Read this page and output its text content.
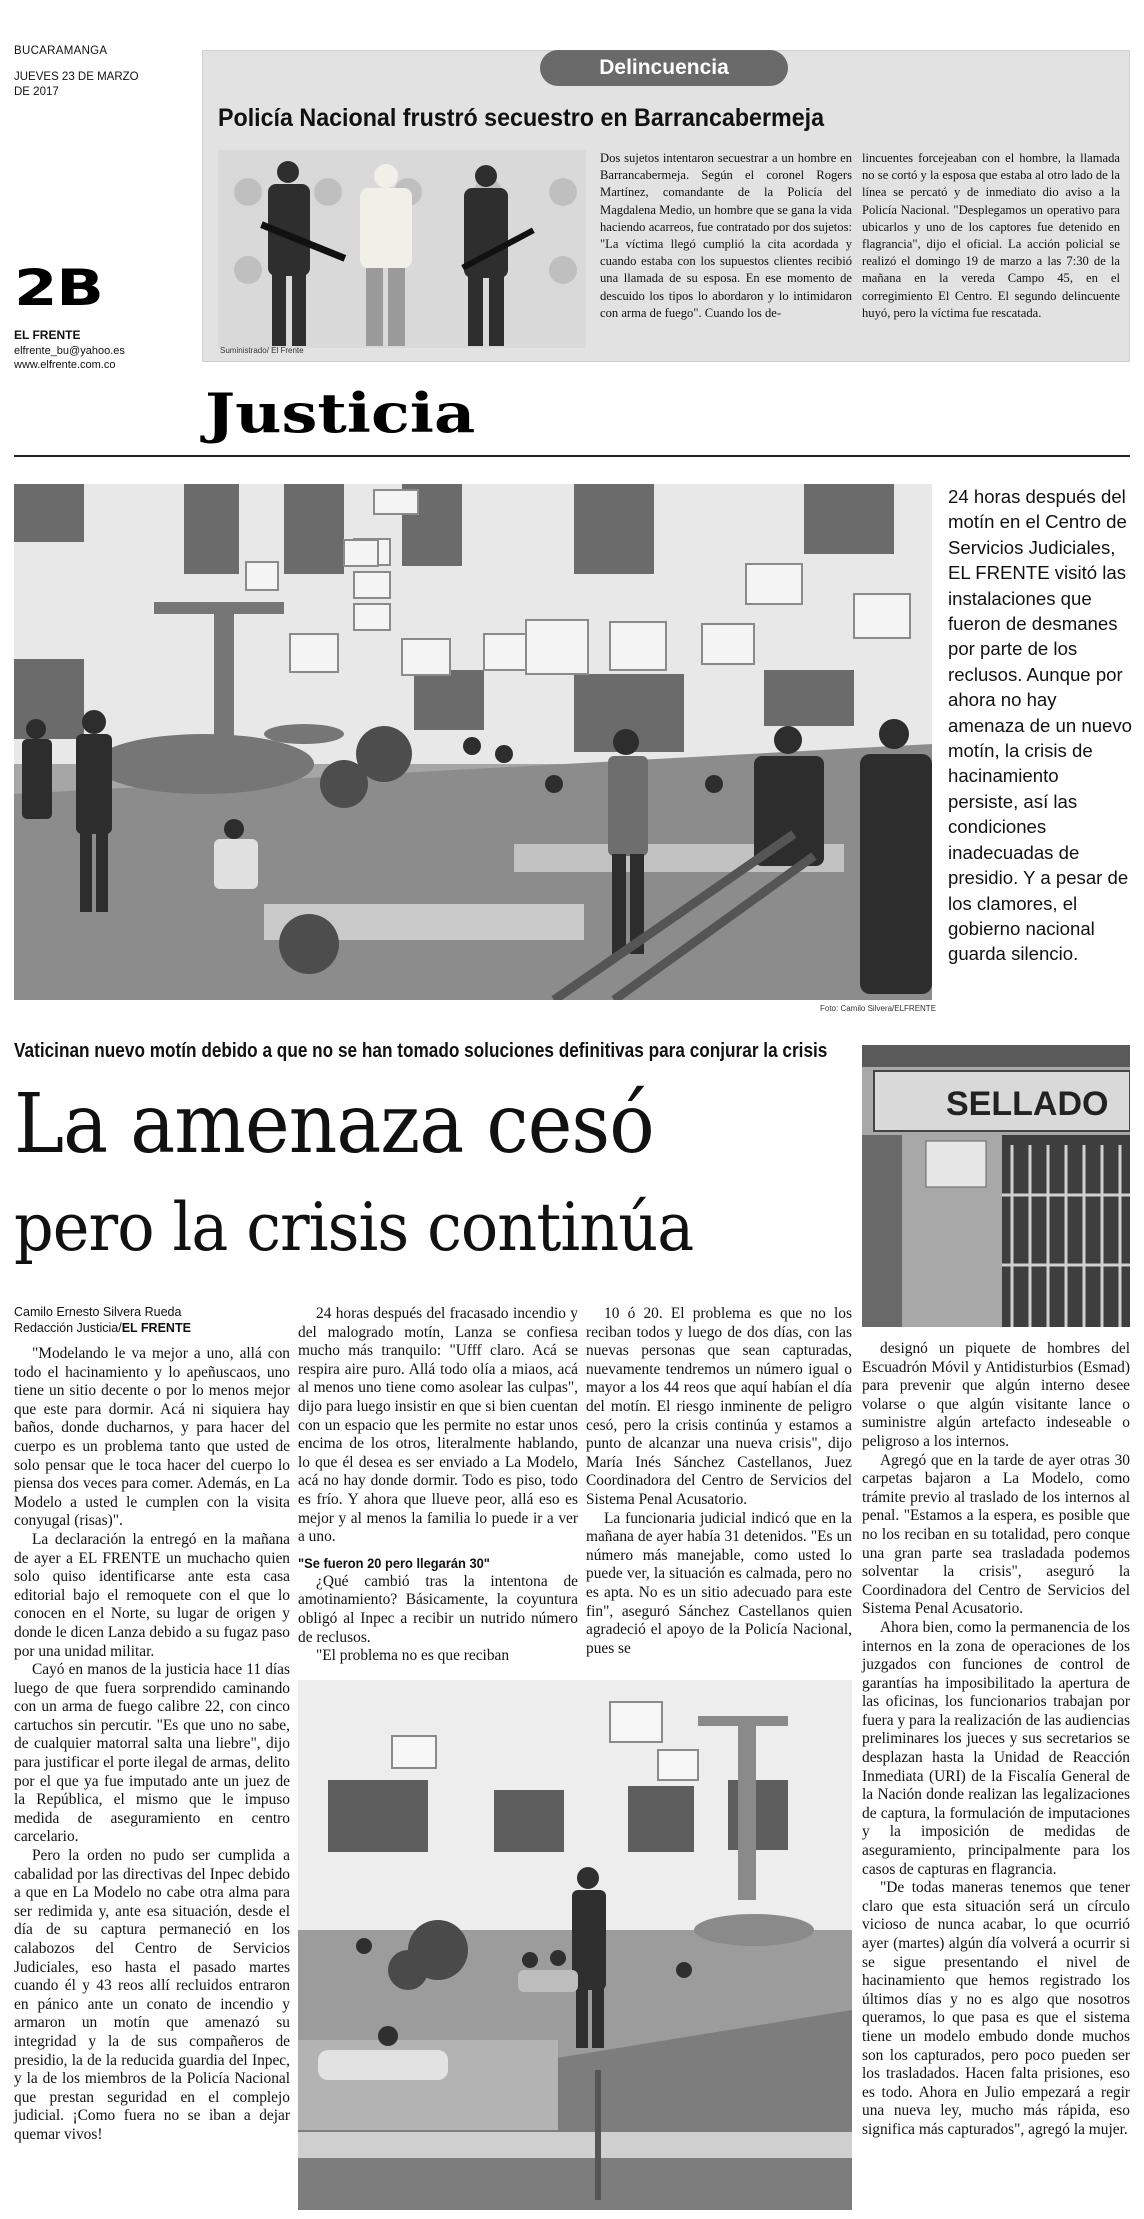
BUCARAMANGA
JUEVES 23 DE MARZO DE 2017
2B
EL FRENTE
elfrente_bu@yahoo.es
www.elfrente.com.co
Delincuencia
Policía Nacional frustró secuestro en Barrancabermeja
Suministrado/ El Frente
Dos sujetos intentaron secuestrar a un hombre en Barrancabermeja. Según el coronel Rogers Martínez, comandante de la Policía del Magdalena Medio, un hombre que se gana la vida haciendo acarreos, fue contratado por dos sujetos: "La víctima llegó cumplió la cita acordada y cuando estaba con los supuestos clientes recibió una llamada de su esposa. En ese momento de descuido los tipos lo abordaron y lo intimidaron con arma de fuego". Cuando los de-
lincuentes forcejeaban con el hombre, la llamada no se cortó y la esposa que estaba al otro lado de la línea se percató y de inmediato dio aviso a la Policía Nacional. "Desplegamos un operativo para ubicarlos y uno de los captores fue detenido en flagrancia", dijo el oficial. La acción policial se realizó el domingo 19 de marzo a las 7:30 de la mañana en la vereda Campo 45, en el corregimiento El Centro. El segundo delincuente huyó, pero la víctima fue rescatada.
Justicia
Foto: Camilo Silvera/ELFRENTE
24 horas después del motín en el Centro de Servicios Judiciales, EL FRENTE visitó las instalaciones que fueron de desmanes por parte de los reclusos. Aunque por ahora no hay amenaza de un nuevo motín, la crisis de hacinamiento persiste, así las condiciones inadecuadas de presidio. Y a pesar de los clamores, el gobierno nacional guarda silencio.
Vaticinan nuevo motín debido a que no se han tomado soluciones definitivas para conjurar la crisis
La amenaza cesó
pero la crisis continúa
Camilo Ernesto Silvera Rueda
Redacción Justicia/EL FRENTE
SELLADO

"Modelando le va mejor a uno, allá con todo el hacinamiento y lo apeñuscaos, uno tiene un sitio decente o por lo menos mejor que este para dormir. Acá ni siquiera hay baños, donde ducharnos, y para hacer del cuerpo es un problema tanto que usted de solo pensar que le toca hacer del cuerpo lo piensa dos veces para comer. Además, en La Modelo a usted le cumplen con la visita conyugal (risas)".

La declaración la entregó en la mañana de ayer a EL FRENTE un muchacho quien solo quiso identificarse ante esta casa editorial bajo el remoquete con el que lo conocen en el Norte, su lugar de origen y donde le dicen Lanza debido a su fugaz paso por una unidad militar.

Cayó en manos de la justicia hace 11 días luego de que fuera sorprendido caminando con un arma de fuego calibre 22, con cinco cartuchos sin percutir. "Es que uno no sabe, de cualquier matorral salta una liebre", dijo para justificar el porte ilegal de armas, delito por el que ya fue imputado ante un juez de la República, el mismo que le impuso medida de aseguramiento en centro carcelario.

Pero la orden no pudo ser cumplida a cabalidad por las directivas del Inpec debido a que en La Modelo no cabe otra alma para ser redimida y, ante esa situación, desde el día de su captura permaneció en los calabozos del Centro de Servicios Judiciales, eso hasta el pasado martes cuando él y 43 reos allí recluidos entraron en pánico ante un conato de incendio y armaron un motín que amenazó su integridad y la de sus compañeros de presidio, la de la reducida guardia del Inpec, y la de los miembros de la Policía Nacional que prestan seguridad en el complejo judicial. ¡Como fuera no se iban a dejar quemar vivos!

24 horas después del fracasado incendio y del malogrado motín, Lanza se confiesa mucho más tranquilo: "Ufff claro. Acá se respira aire puro. Allá todo olía a miaos, acá al menos uno tiene como asolear las culpas", dijo para luego insistir en que si bien cuentan con un espacio que les permite no estar unos encima de los otros, literalmente hablando, lo que él desea es ser enviado a La Modelo, acá no hay donde dormir. Todo es piso, todo es frío. Y ahora que llueve peor, allá eso es mejor y al menos la familia lo puede ir a ver a uno.

"Se fueron 20 pero llegarán 30"

¿Qué cambió tras la intentona de amotinamiento? Básicamente, la coyuntura obligó al Inpec a recibir un nutrido número de reclusos.

"El problema no es que reciban

10 ó 20. El problema es que no los reciban todos y luego de dos días, con las nuevas personas que sean capturadas, nuevamente tendremos un número igual o mayor a los 44 reos que aquí habían el día del motín. El riesgo inminente de peligro cesó, pero la crisis continúa y estamos a punto de alcanzar una nueva crisis", dijo María Inés Sánchez Castellanos, Juez Coordinadora del Centro de Servicios del Sistema Penal Acusatorio.

La funcionaria judicial indicó que en la mañana de ayer había 31 detenidos. "Es un número más manejable, como usted lo puede ver, la situación es calmada, pero no es apta. No es un sitio adecuado para este fin", aseguró Sánchez Castellanos quien agradeció el apoyo de la Policía Nacional, pues se

designó un piquete de hombres del Escuadrón Móvil y Antidisturbios (Esmad) para prevenir que algún interno desee volarse o que algún visitante lance o suministre algún artefacto indeseable o peligroso a los internos.

Agregó que en la tarde de ayer otras 30 carpetas bajaron a La Modelo, como trámite previo al traslado de los internos al penal. "Estamos a la espera, es posible que no los reciban en su totalidad, pero conque una gran parte sea trasladada podemos solventar la crisis", aseguró la Coordinadora del Centro de Servicios del Sistema Penal Acusatorio.

Ahora bien, como la permanencia de los internos en la zona de operaciones de los juzgados con funciones de control de garantías ha imposibilitado la apertura de las oficinas, los funcionarios trabajan por fuera y para la realización de las audiencias preliminares los jueces y sus secretarios se desplazan hasta la Unidad de Reacción Inmediata (URI) de la Fiscalía General de la Nación donde realizan las legalizaciones de captura, la formulación de imputaciones y la imposición de medidas de aseguramiento, principalmente para los casos de capturas en flagrancia.

"De todas maneras tenemos que tener claro que esta situación será un círculo vicioso de nunca acabar, lo que ocurrió ayer (martes) algún día volverá a ocurrir si se sigue presentando el nivel de hacinamiento que hemos registrado los últimos días y no es algo que nosotros queramos, lo que pasa es que el sistema tiene un modelo embudo donde muchos son los capturados, pero poco pueden ser los trasladados. Hacen falta prisiones, eso es todo. Ahora en Julio empezará a regir una nueva ley, mucho más rápida, eso significa más capturados", agregó la mujer.
